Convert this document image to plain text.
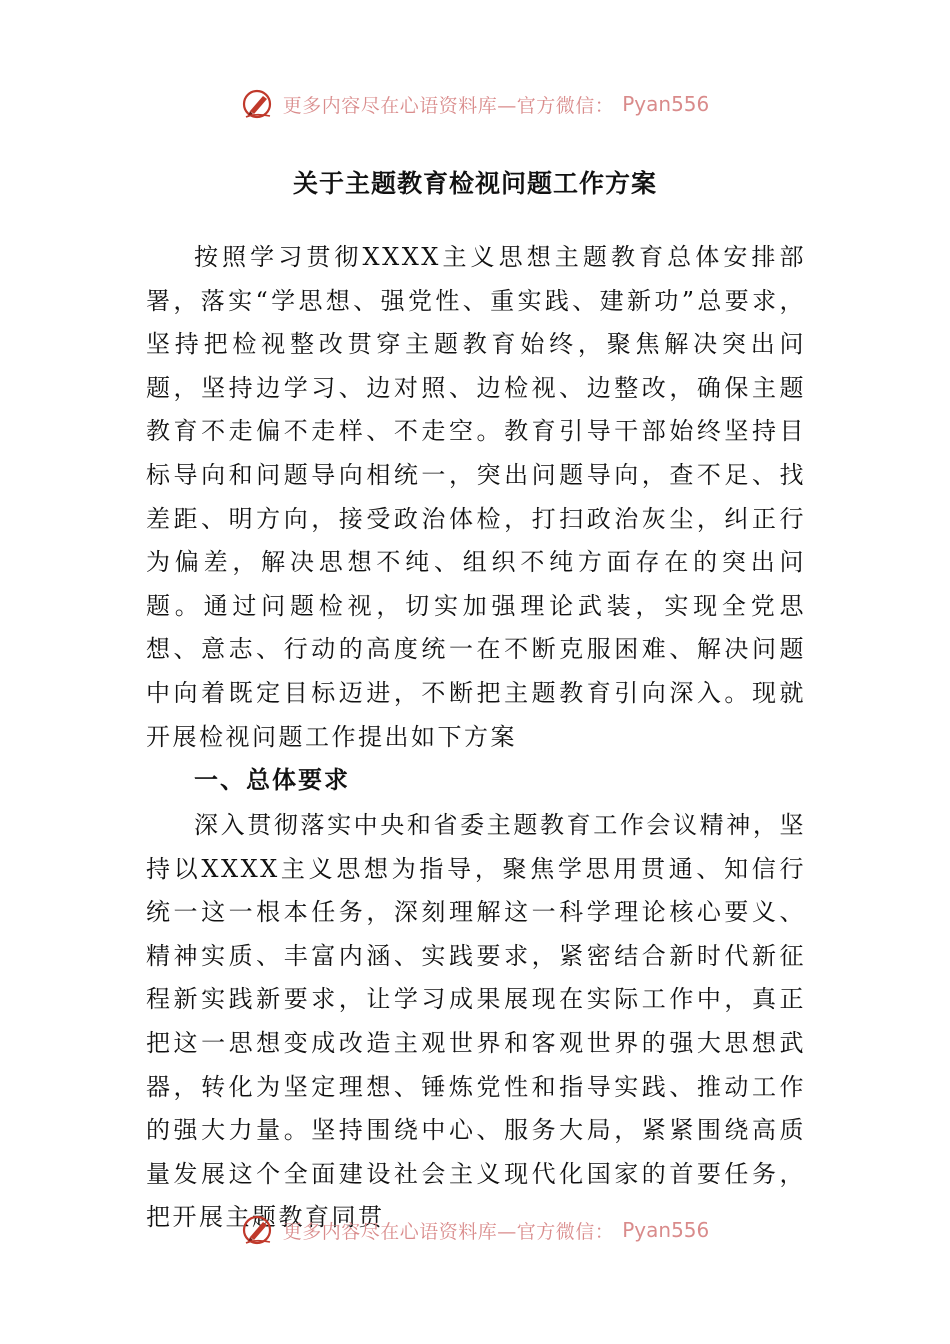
更多内容尽在心语资料库—官方微信： Pyan556
关于主题教育检视问题工作方案

按照学习贯彻XXXX主义思想主题教育总体安排部署，落实“学思想、强党性、重实践、建新功”总要求，坚持把检视整改贯穿主题教育始终，聚焦解决突出问题，坚持边学习、边对照、边检视、边整改，确保主题教育不走偏不走样、不走空。教育引导干部始终坚持目标导向和问题导向相统一，突出问题导向，查不足、找差距、明方向，接受政治体检，打扫政治灰尘，纠正行为偏差，解决思想不纯、组织不纯方面存在的突出问题。通过问题检视，切实加强理论武装，实现全党思想、意志、行动的高度统一在不断克服困难、解决问题中向着既定目标迈进，不断把主题教育引向深入。现就开展检视问题工作提出如下方案

一、总体要求

深入贯彻落实中央和省委主题教育工作会议精神，坚持以XXXX主义思想为指导，聚焦学思用贯通、知信行统一这一根本任务，深刻理解这一科学理论核心要义、精神实质、丰富内涵、实践要求，紧密结合新时代新征程新实践新要求，让学习成果展现在实际工作中，真正把这一思想变成改造主观世界和客观世界的强大思想武器，转化为坚定理想、锤炼党性和指导实践、推动工作的强大力量。坚持围绕中心、服务大局，紧紧围绕高质量发展这个全面建设社会主义现代化国家的首要任务，把开展主题教育同贯

更多内容尽在心语资料库—官方微信： Pyan556
